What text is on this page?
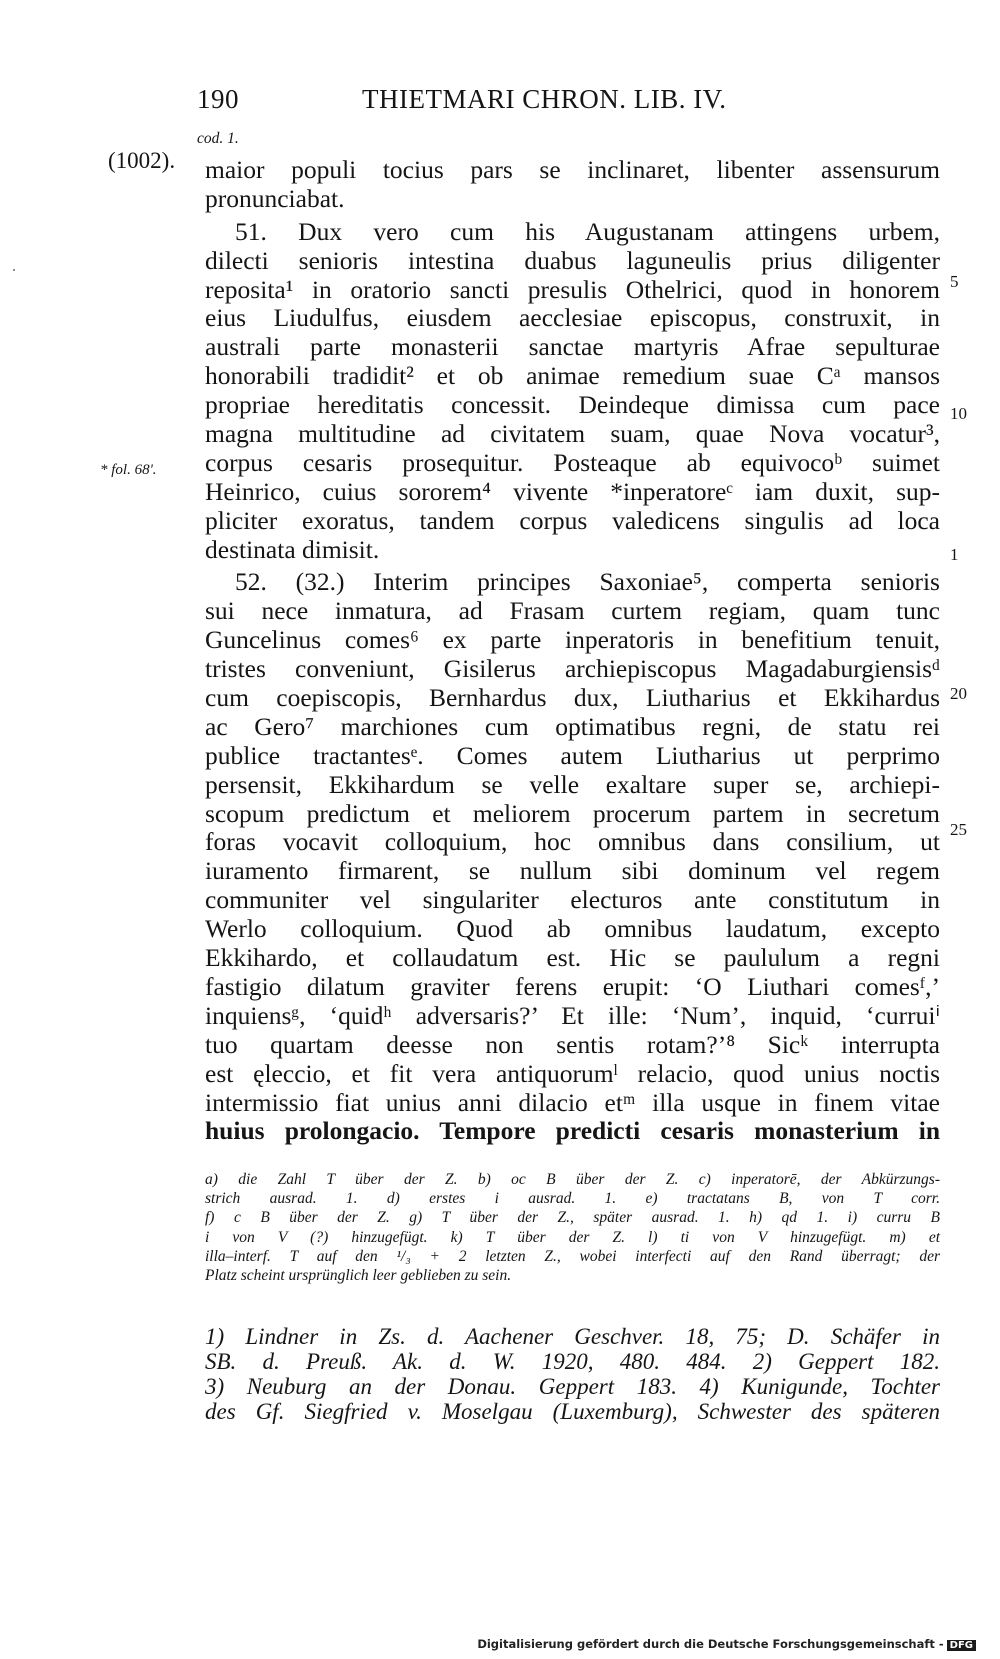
190	THIETMARI CHRON. LIB. IV.
cod. 1.
(1002).
* fol. 68'.
5
10
1
20
25
maior populi tocius pars se inclinaret, libenter assensurum
pronunciabat.
51. Dux vero cum his Augustanam attingens urbem,
dilecti senioris intestina duabus laguneulis prius diligenter
reposita¹ in oratorio sancti presulis Othelrici, quod in honorem
eius Liudulfus, eiusdem aecclesiae episcopus, construxit, in
australi parte monasterii sanctae martyris Afrae sepulturae
honorabili tradidit² et ob animae remedium suae Cᵃ mansos
propriae hereditatis concessit. Deindeque dimissa cum pace
magna multitudine ad civitatem suam, quae Nova vocatur³,
corpus cesaris prosequitur. Posteaque ab equivocoᵇ suimet
Heinrico, cuius sororem⁴ vivente *inperatoreᶜ iam duxit, sup-
pliciter exoratus, tandem corpus valedicens singulis ad loca
destinata dimisit.
52. (32.) Interim principes Saxoniae⁵, comperta senioris
sui nece inmatura, ad Frasam curtem regiam, quam tunc
Guncelinus comes⁶ ex parte inperatoris in benefitium tenuit,
tristes conveniunt, Gisilerus archiepiscopus Magadaburgiensisᵈ
cum coepiscopis, Bernhardus dux, Liutharius et Ekkihardus
ac Gero⁷ marchiones cum optimatibus regni, de statu rei
publice tractantesᵉ. Comes autem Liutharius ut perprimo
persensit, Ekkihardum se velle exaltare super se, archiepi-
scopum predictum et meliorem procerum partem in secretum
foras vocavit colloquium, hoc omnibus dans consilium, ut
iuramento firmarent, se nullum sibi dominum vel regem
communiter vel singulariter electuros ante constitutum in
Werlo colloquium. Quod ab omnibus laudatum, excepto
Ekkihardo, et collaudatum est. Hic se paululum a regni
fastigio dilatum graviter ferens erupit: ‘O Liuthari comesᶠ,’
inquiensᵍ, ‘quidʰ adversaris?’ Et ille: ‘Num’, inquid, ‘curruiⁱ
tuo quartam deesse non sentis rotam?’⁸ Sicᵏ interrupta
est ęleccio, et fit vera antiquorumˡ relacio, quod unius noctis
intermissio fiat unius anni dilacio etᵐ illa usque in finem vitae
huius prolongacio. Tempore predicti cesaris monasterium in
a) die Zahl T über der Z. b) oc B über der Z. c) inperatorē, der Abkürzungs-
strich ausrad. 1. d) erstes i ausrad. 1. e) tractatans B, von T corr.
f) c B über der Z. g) T über der Z., später ausrad. 1. h) qd 1. i) curru B
i von V (?) hinzugefügt. k) T über der Z. l) ti von V hinzugefügt. m) et
illa–interf. T auf den ¹/₃ + 2 letzten Z., wobei interfecti auf den Rand überragt; der
Platz scheint ursprünglich leer geblieben zu sein.
1) Lindner in Zs. d. Aachener Geschver. 18, 75; D. Schäfer in
SB. d. Preuß. Ak. d. W. 1920, 480. 484. 2) Geppert 182.
3) Neuburg an der Donau. Geppert 183. 4) Kunigunde, Tochter
des Gf. Siegfried v. Moselgau (Luxemburg), Schwester des späteren
Digitalisierung gefördert durch die Deutsche Forschungsgemeinschaft - DFG
